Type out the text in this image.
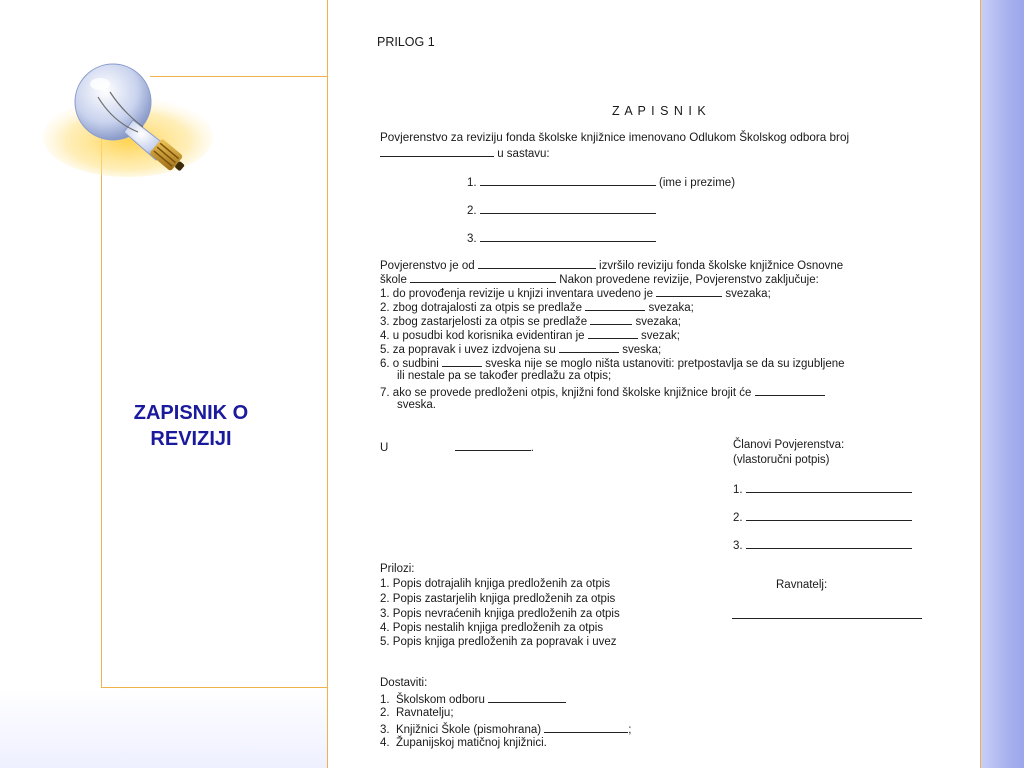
ZAPISNIK O
REVIZIJI
PRILOG 1
Z A P I S N I K
Povjerenstvo za reviziju fonda školske knjižnice imenovano Odlukom Školskog odbora broj
u sastavu:
1.	(ime i prezime)
2.
3.
Povjerenstvo je od	izvršilo reviziju fonda školske knjižnice Osnovne
škole	Nakon provedene revizije, Povjerenstvo zaključuje:
1. do provođenja revizije u knjizi inventara uvedeno je	svezaka;
2. zbog dotrajalosti za otpis se predlaže	svezaka;
3. zbog zastarjelosti za otpis se predlaže	svezaka;
4. u posudbi kod korisnika evidentiran je	svezak;
5. za popravak i uvez izdvojena su	sveska;
6. o sudbini	sveska nije se moglo ništa ustanoviti: pretpostavlja se da su izgubljene
ili nestale pa se također predlažu za otpis;
7. ako se provede predloženi otpis, knjižni fond školske knjižnice brojit će
sveska.
U	.	Članovi Povjerenstva:
(vlastoručni potpis)
1.
2.
3.
Prilozi:
1. Popis dotrajalih knjiga predloženih za otpis
2. Popis zastarjelih knjiga predloženih za otpis
3. Popis nevraćenih knjiga predloženih za otpis
4. Popis nestalih knjiga predloženih za otpis
5. Popis knjiga predloženih za popravak i uvez
Ravnatelj:
Dostaviti:
1. Školskom odboru
2. Ravnatelju;
3. Knjižnici Škole (pismohrana)	;
4. Županijskoj matičnoj knjižnici.
